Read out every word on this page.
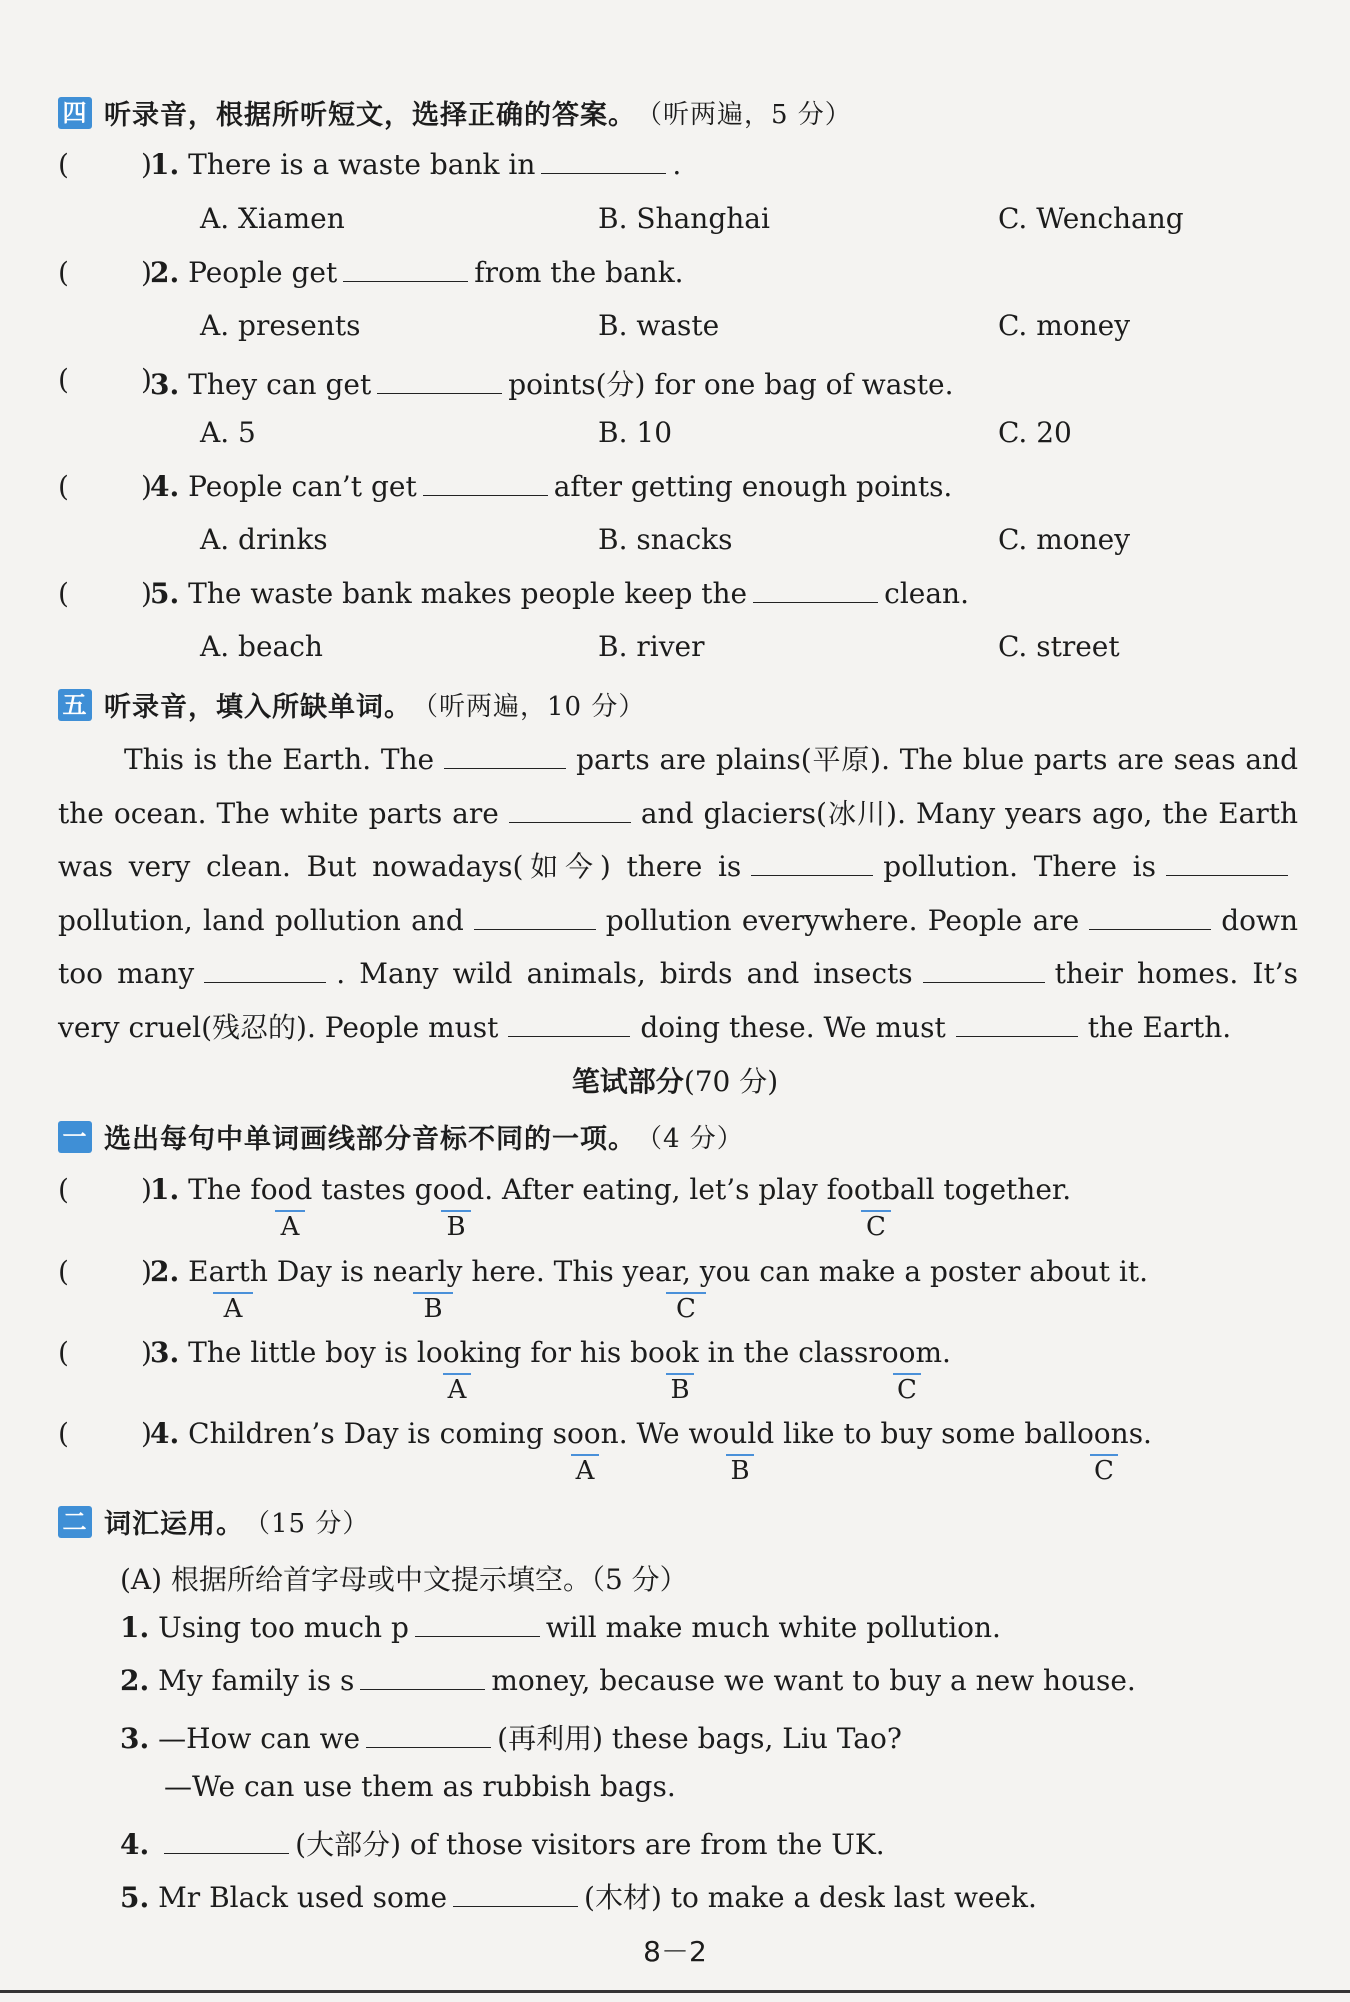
四 听录音，根据所听短文，选择正确的答案。 （听两遍，5 分）
(	)
1. There is a waste bank in	.
A. Xiamen	B. Shanghai	C. Wenchang
(	)
2. People get	from the bank.
A. presents	B. waste	C. money
(	)
3. They can get	points(分) for one bag of waste.
A. 5	B. 10	C. 20
(	)
4. People can’t get	after getting enough points.
A. drinks	B. snacks	C. money
(	)
5. The waste bank makes people keep the	clean.
A. beach	B. river	C. street
五 听录音，填入所缺单词。 （听两遍，10 分）
This is the Earth. The	parts are plains(平原). The blue parts are seas and the ocean. The white parts are	and glaciers(冰川). Many years ago, the Earth was very clean. But nowadays(如今) there is	pollution. There ispollution, land pollution and	pollution everywhere. People are	down too many	. Many wild animals, birds and insects	their homes. It’s very cruel(残忍的). People must	doing these. We must	the Earth.
笔试部分(70 分)
一 选出每句中单词画线部分音标不同的一项。 （4 分）
(	)
1. The food tastes good. After eating, let’s play football together.
A	B	C
(	)
2. Earth Day is nearly here. This year, you can make a poster about it.
A	B	C
(	)
3. The little boy is looking for his book in the classroom.
A	B	C
(	)
4. Children’s Day is coming soon. We would like to buy some balloons.
A	B	C
二 词汇运用。 （15 分）
(A) 根据所给首字母或中文提示填空。（5 分）
1. Using too much p	will make much white pollution.
2. My family is s	money, because we want to buy a new house.
3. —How can we	(再利用) these bags, Liu Tao?
—We can use them as rubbish bags.
4.	(大部分) of those visitors are from the UK.
5. Mr Black used some	(木材) to make a desk last week.
8－2
